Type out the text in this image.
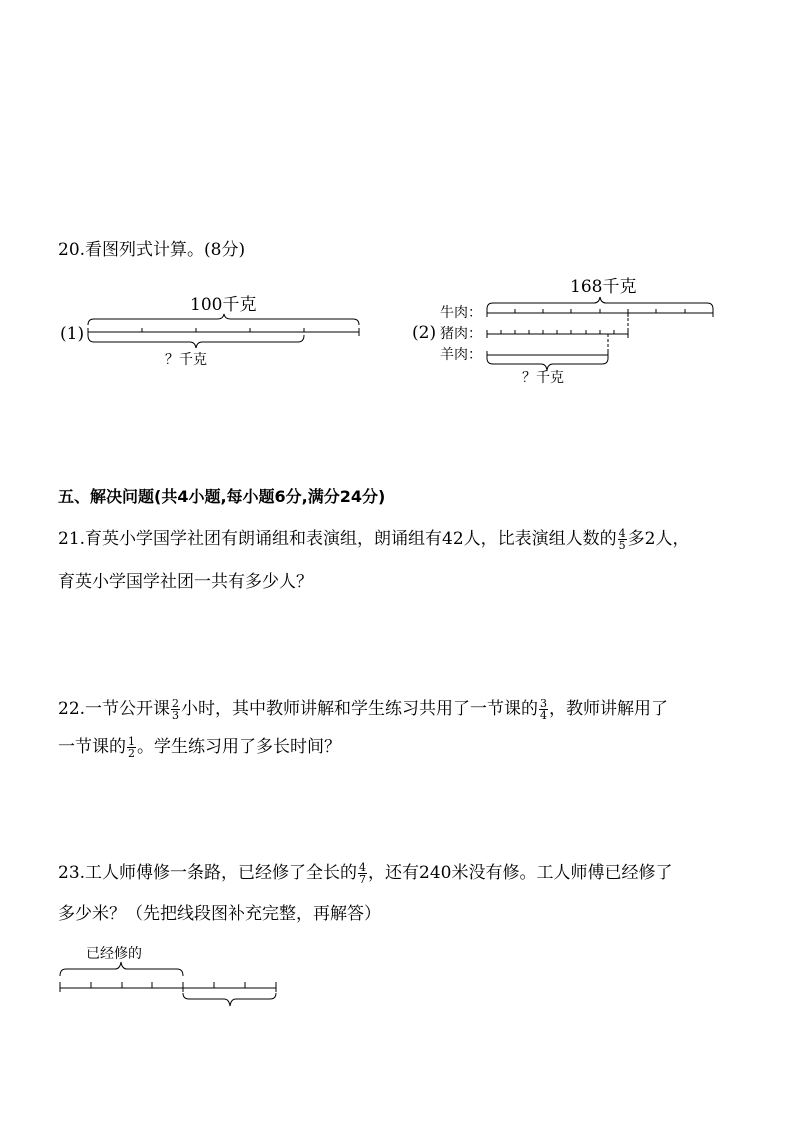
20.看图列式计算。(8分)
(1)
100千克
？千克
168千克
牛肉：
(2) 猪肉：
羊肉：
？千克
五、解决问题(共4小题,每小题6分,满分24分)
21.育英小学国学社团有朗诵组和表演组，朗诵组有42人，比表演组人数的 $\frac{4}{5}$ 多2人，
育英小学国学社团一共有多少人？
22.一节公开课 $\frac{2}{3}$ 小时，其中教师讲解和学生练习共用了一节课的 $\frac{3}{4}$ ，教师讲解用了
一节课的 $\frac{1}{2}$ 。学生练习用了多长时间？
23.工人师傅修一条路，已经修了全长的 $\frac{4}{7}$ ，还有240米没有修。工人师傅已经修了
多少米？（先把线段图补充完整，再解答）
已经修的
